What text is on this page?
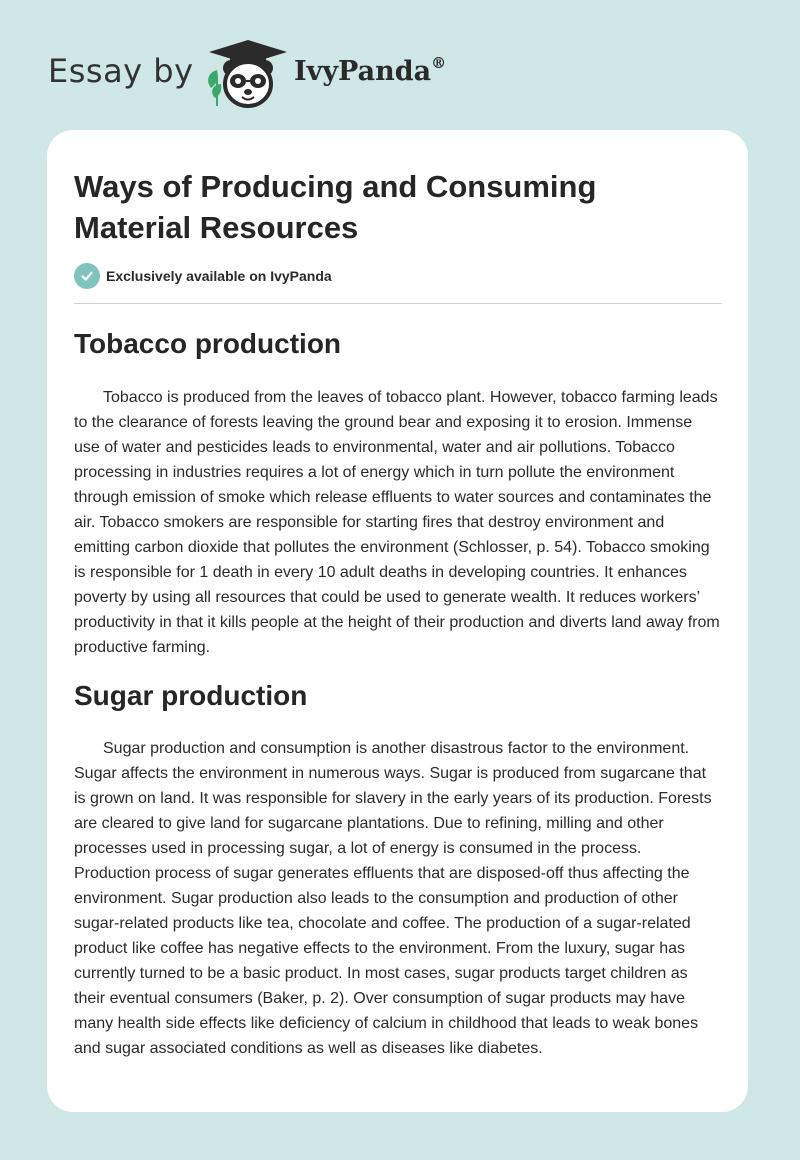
Essay by	IvyPanda®
Ways of Producing and Consuming Material Resources
Exclusively available on IvyPanda
Tobacco production

Tobacco is produced from the leaves of tobacco plant. However, tobacco farming leads to the clearance of forests leaving the ground bear and exposing it to erosion. Immense use of water and pesticides leads to environmental, water and air pollutions. Tobacco processing in industries requires a lot of energy which in turn pollute the environment through emission of smoke which release effluents to water sources and contaminates the air. Tobacco smokers are responsible for starting fires that destroy environment and emitting carbon dioxide that pollutes the environment (Schlosser, p. 54). Tobacco smoking is responsible for 1 death in every 10 adult deaths in developing countries. It enhances poverty by using all resources that could be used to generate wealth. It reduces workers’ productivity in that it kills people at the height of their production and diverts land away from productive farming.

Sugar production

Sugar production and consumption is another disastrous factor to the environment. Sugar affects the environment in numerous ways. Sugar is produced from sugarcane that is grown on land. It was responsible for slavery in the early years of its production. Forests are cleared to give land for sugarcane plantations. Due to refining, milling and other processes used in processing sugar, a lot of energy is consumed in the process. Production process of sugar generates effluents that are disposed-off thus affecting the environment. Sugar production also leads to the consumption and production of other sugar-related products like tea, chocolate and coffee. The production of a sugar-related product like coffee has negative effects to the environment. From the luxury, sugar has currently turned to be a basic product. In most cases, sugar products target children as their eventual consumers (Baker, p. 2). Over consumption of sugar products may have many health side effects like deficiency of calcium in childhood that leads to weak bones and sugar associated conditions as well as diseases like diabetes.
